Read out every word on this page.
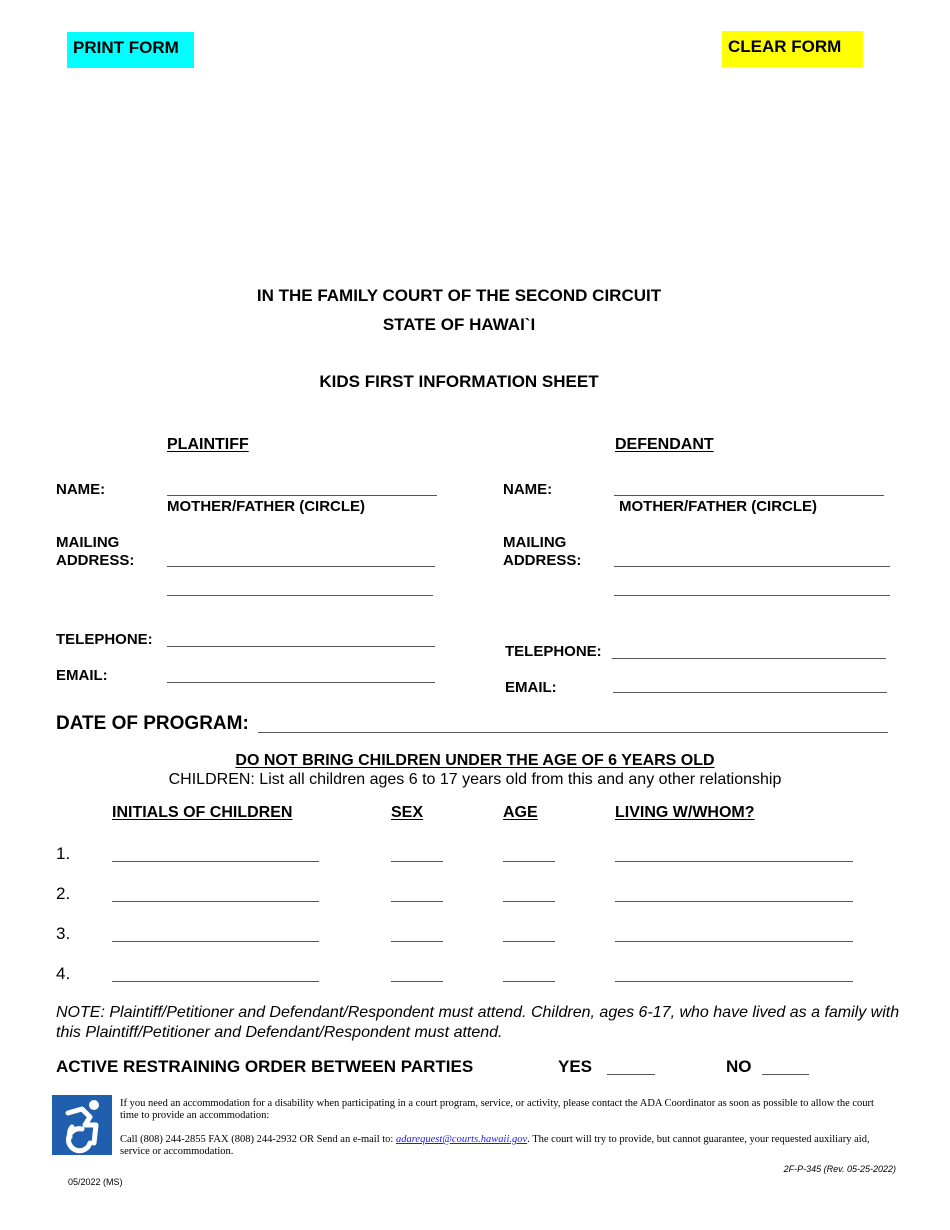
PRINT FORM	CLEAR FORM
IN THE FAMILY COURT OF THE SECOND CIRCUIT
STATE OF HAWAI`I
KIDS FIRST INFORMATION SHEET
PLAINTIFF
NAME:
MOTHER/FATHER (CIRCLE)
MAILING
ADDRESS:
TELEPHONE:
EMAIL:
DEFENDANT
NAME:
MOTHER/FATHER (CIRCLE)
MAILING
ADDRESS:
TELEPHONE:
EMAIL:
DATE OF PROGRAM:
DO NOT BRING CHILDREN UNDER THE AGE OF 6 YEARS OLD
CHILDREN: List all children ages 6 to 17 years old from this and any other relationship
INITIALS OF CHILDREN	SEX	AGE	LIVING W/WHOM?
1.
2.
3.
4.
NOTE: Plaintiff/Petitioner and Defendant/Respondent must attend. Children, ages 6-17, who have lived as a family with this Plaintiff/Petitioner and Defendant/Respondent must attend.
ACTIVE RESTRAINING ORDER BETWEEN PARTIES	YES	NO
If you need an accommodation for a disability when participating in a court program, service, or activity, please contact the ADA Coordinator as soon as possible to allow the court time to provide an accommodation:
Call (808) 244-2855 FAX (808) 244-2932 OR Send an e-mail to: adarequest@courts.hawaii.gov. The court will try to provide, but cannot guarantee, your requested auxiliary aid, service or accommodation.
2F-P-345 (Rev. 05-25-2022)
05/2022 (MS)
